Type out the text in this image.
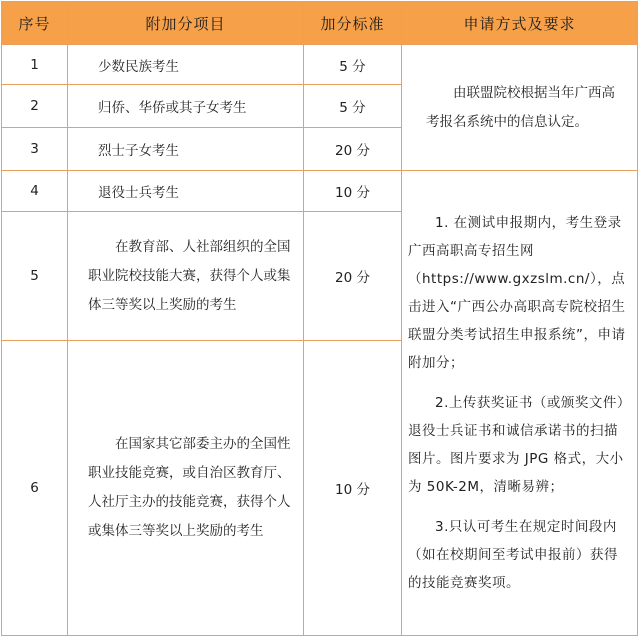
序号	附加分项目	加分标准	申请方式及要求
1	少数民族考生	5 分	由联盟院校根据当年广西高考报名系统中的信息认定。

2	归侨、华侨或其子女考生	5 分	
3	烈士子女考生	20 分	
4	退役士兵考生	10 分	1. 在测试申报期内，考生登录广西高职高专招生网（https://www.gxzslm.cn/），点击进入“广西公办高职高专院校招生联盟分类考试招生申报系统”，申请附加分；

2.上传获奖证书（或颁奖文件）退役士兵证书和诚信承诺书的扫描图片。图片要求为 JPG 格式，大小为 50K-2M，清晰易辨；

3.只认可考生在规定时间段内（如在校期间至考试申报前）获得的技能竞赛奖项。

5	在教育部、人社部组织的全国职业院校技能大赛，获得个人或集体三等奖以上奖励的考生	20 分	
6	在国家其它部委主办的全国性职业技能竞赛，或自治区教育厅、人社厅主办的技能竞赛，获得个人或集体三等奖以上奖励的考生	10 分	
